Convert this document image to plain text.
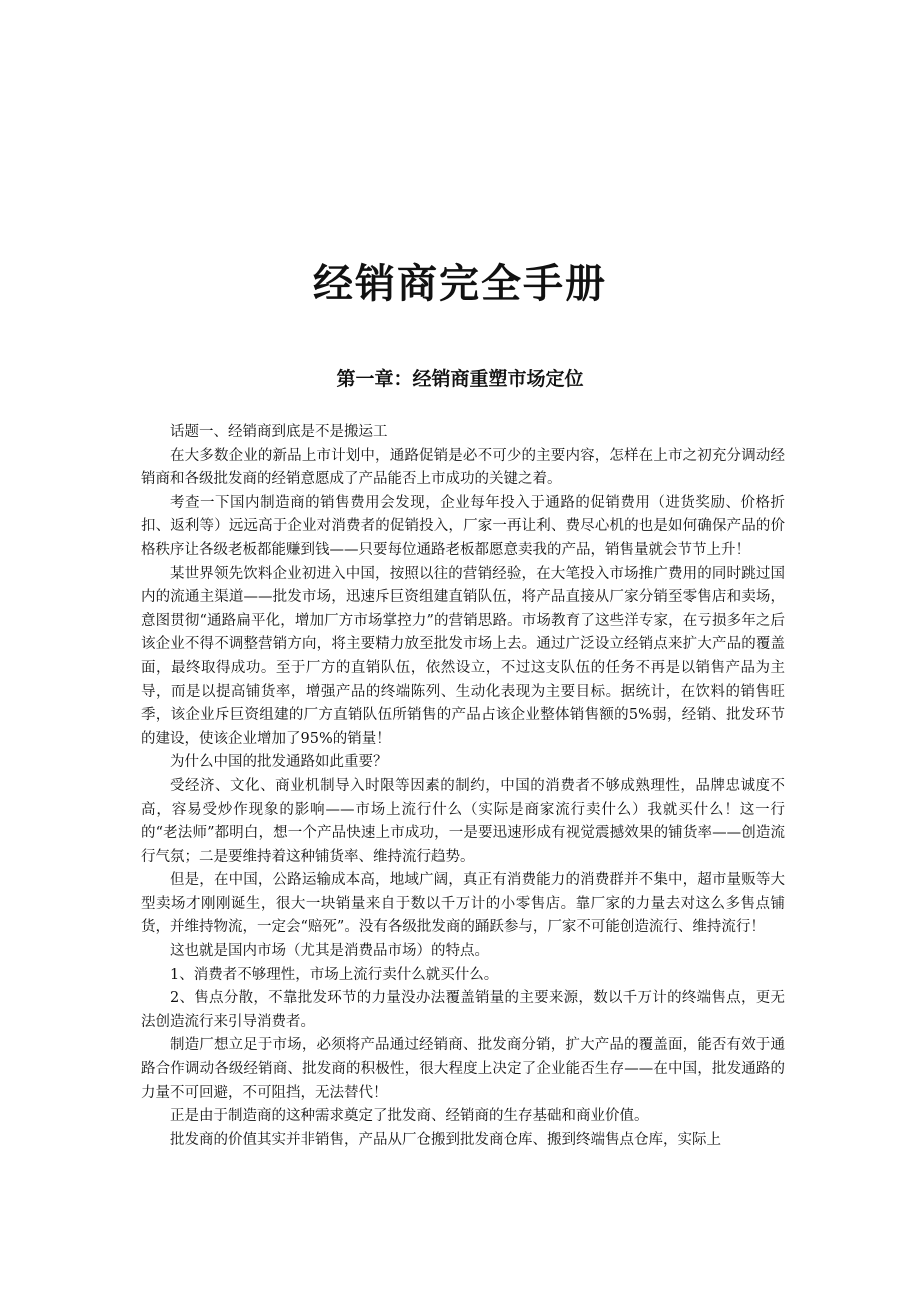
经销商完全手册
第一章：经销商重塑市场定位

话题一、经销商到底是不是搬运工

在大多数企业的新品上市计划中，通路促销是必不可少的主要内容，怎样在上市之初充分调动经销商和各级批发商的经销意愿成了产品能否上市成功的关键之着。

考查一下国内制造商的销售费用会发现，企业每年投入于通路的促销费用（进货奖励、价格折扣、返利等）远远高于企业对消费者的促销投入，厂家一再让利、费尽心机的也是如何确保产品的价格秩序让各级老板都能赚到钱——只要每位通路老板都愿意卖我的产品，销售量就会节节上升！

某世界领先饮料企业初进入中国，按照以往的营销经验，在大笔投入市场推广费用的同时跳过国内的流通主渠道——批发市场，迅速斥巨资组建直销队伍，将产品直接从厂家分销至零售店和卖场，意图贯彻“通路扁平化，增加厂方市场掌控力”的营销思路。市场教育了这些洋专家，在亏损多年之后该企业不得不调整营销方向，将主要精力放至批发市场上去。通过广泛设立经销点来扩大产品的覆盖面，最终取得成功。至于厂方的直销队伍，依然设立，不过这支队伍的任务不再是以销售产品为主导，而是以提高铺货率，增强产品的终端陈列、生动化表现为主要目标。据统计，在饮料的销售旺季，该企业斥巨资组建的厂方直销队伍所销售的产品占该企业整体销售额的5%弱，经销、批发环节的建设，使该企业增加了95%的销量！

为什么中国的批发通路如此重要？

受经济、文化、商业机制导入时限等因素的制约，中国的消费者不够成熟理性，品牌忠诚度不高，容易受炒作现象的影响——市场上流行什么（实际是商家流行卖什么）我就买什么！这一行的“老法师”都明白，想一个产品快速上市成功，一是要迅速形成有视觉震撼效果的铺货率——创造流行气氛；二是要维持着这种铺货率、维持流行趋势。

但是，在中国，公路运输成本高，地域广阔，真正有消费能力的消费群并不集中，超市量贩等大型卖场才刚刚诞生，很大一块销量来自于数以千万计的小零售店。靠厂家的力量去对这么多售点铺货，并维持物流，一定会“赔死”。没有各级批发商的踊跃参与，厂家不可能创造流行、维持流行！

这也就是国内市场（尤其是消费品市场）的特点。

1、消费者不够理性，市场上流行卖什么就买什么。

2、售点分散，不靠批发环节的力量没办法覆盖销量的主要来源，数以千万计的终端售点，更无法创造流行来引导消费者。

制造厂想立足于市场，必须将产品通过经销商、批发商分销，扩大产品的覆盖面，能否有效于通路合作调动各级经销商、批发商的积极性，很大程度上决定了企业能否生存——在中国，批发通路的力量不可回避，不可阻挡，无法替代！

正是由于制造商的这种需求奠定了批发商、经销商的生存基础和商业价值。

批发商的价值其实并非销售，产品从厂仓搬到批发商仓库、搬到终端售点仓库，实际上
